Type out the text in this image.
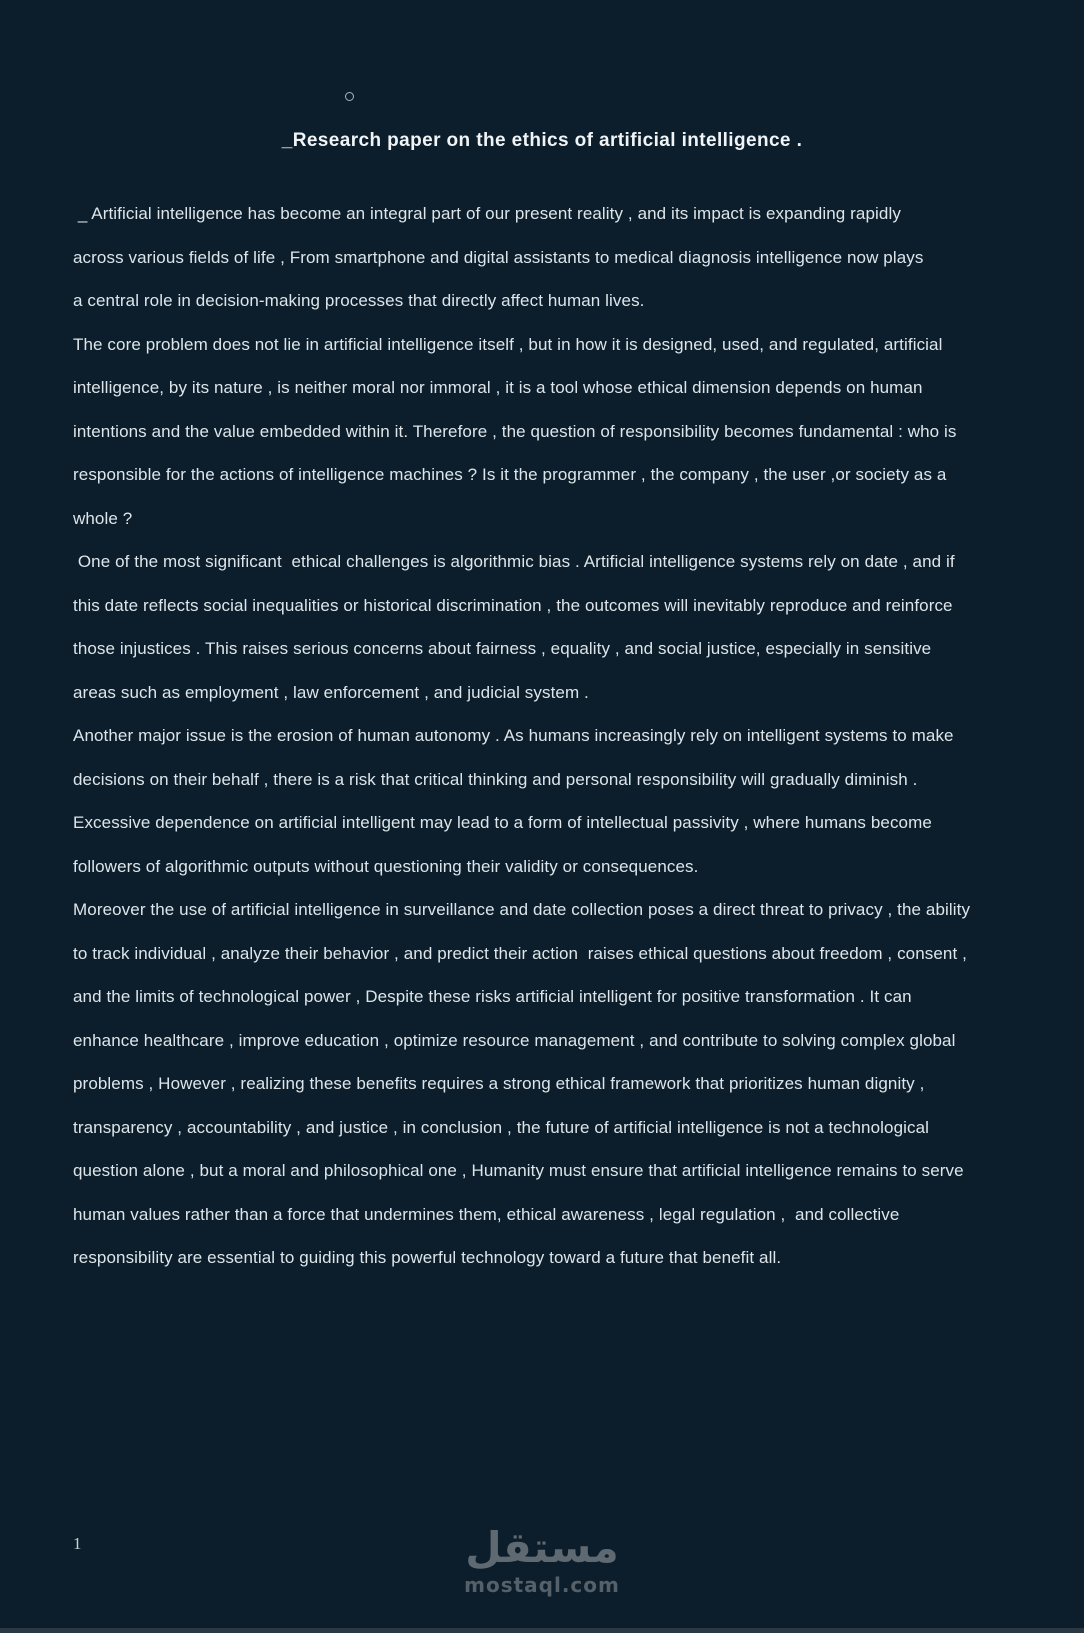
_Research paper on the ethics of artificial intelligence .
_ Artificial intelligence has become an integral part of our present reality , and its impact is expanding rapidly
across various fields of life , From smartphone and digital assistants to medical diagnosis intelligence now plays
a central role in decision-making processes that directly affect human lives.
The core problem does not lie in artificial intelligence itself , but in how it is designed, used, and regulated, artificial
intelligence, by its nature , is neither moral nor immoral , it is a tool whose ethical dimension depends on human
intentions and the value embedded within it. Therefore , the question of responsibility becomes fundamental : who is
responsible for the actions of intelligence machines ? Is it the programmer , the company , the user ,or society as a
whole ?
One of the most significant  ethical challenges is algorithmic bias . Artificial intelligence systems rely on date , and if
this date reflects social inequalities or historical discrimination , the outcomes will inevitably reproduce and reinforce
those injustices . This raises serious concerns about fairness , equality , and social justice, especially in sensitive
areas such as employment , law enforcement , and judicial system .
Another major issue is the erosion of human autonomy . As humans increasingly rely on intelligent systems to make
decisions on their behalf , there is a risk that critical thinking and personal responsibility will gradually diminish .
Excessive dependence on artificial intelligent may lead to a form of intellectual passivity , where humans become
followers of algorithmic outputs without questioning their validity or consequences.
Moreover the use of artificial intelligence in surveillance and date collection poses a direct threat to privacy , the ability
to track individual , analyze their behavior , and predict their action  raises ethical questions about freedom , consent ,
and the limits of technological power , Despite these risks artificial intelligent for positive transformation . It can
enhance healthcare , improve education , optimize resource management , and contribute to solving complex global
problems , However , realizing these benefits requires a strong ethical framework that prioritizes human dignity ,
transparency , accountability , and justice , in conclusion , the future of artificial intelligence is not a technological
question alone , but a moral and philosophical one , Humanity must ensure that artificial intelligence remains to serve
human values rather than a force that undermines them, ethical awareness , legal regulation ,  and collective
responsibility are essential to guiding this powerful technology toward a future that benefit all.
1	مستقل
mostaql.com
